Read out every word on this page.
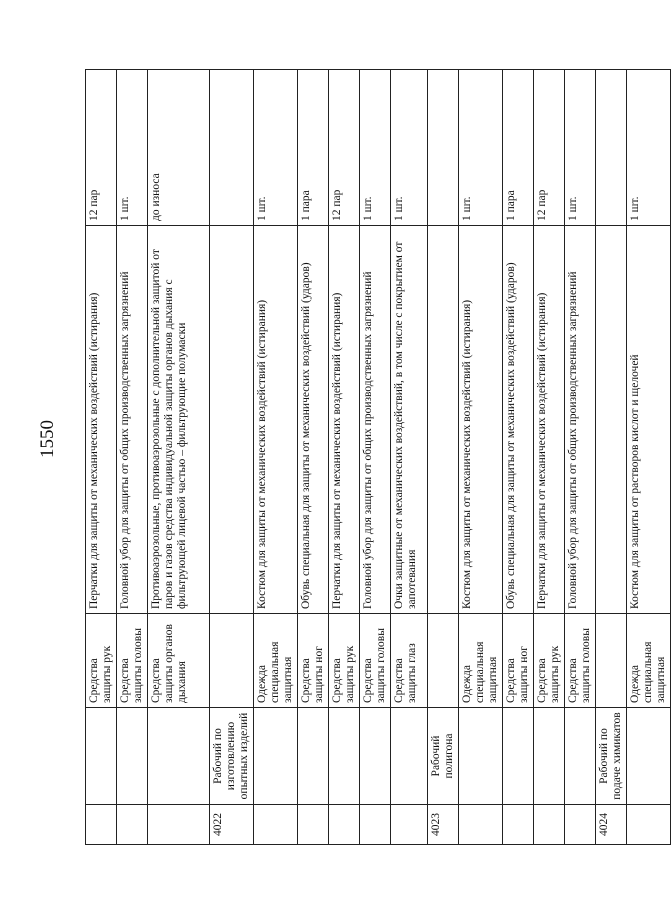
1550
		Средства защиты рук	Перчатки для защиты от механических воздействий (истирания)	12 пар
		Средства защиты головы	Головной убор для защиты от общих производственных загрязнений	1 шт.
		Средства защиты органов дыхания	Противоаэрозольные, противоаэрозольные с дополнительной защитой от паров и газов средства индивидуальной защиты органов дыхания с фильтрующей лицевой частью – фильтрующие полумаски	до износа
4022	Рабочий по изготовлению опытных изделий			
		Одежда специальная защитная	Костюм для защиты от механических воздействий (истирания)	1 шт.
		Средства защиты ног	Обувь специальная для защиты от механических воздействий (ударов)	1 пара
		Средства защиты рук	Перчатки для защиты от механических воздействий (истирания)	12 пар
		Средства защиты головы	Головной убор для защиты от общих производственных загрязнений	1 шт.
		Средства защиты глаз	Очки защитные от механических воздействий, в том числе с покрытием от запотевания	1 шт.
4023	Рабочий полигона			
		Одежда специальная защитная	Костюм для защиты от механических воздействий (истирания)	1 шт.
		Средства защиты ног	Обувь специальная для защиты от механических воздействий (ударов)	1 пара
		Средства защиты рук	Перчатки для защиты от механических воздействий (истирания)	12 пар
		Средства защиты головы	Головной убор для защиты от общих производственных загрязнений	1 шт.
4024	Рабочий по подаче химикатов			
		Одежда специальная защитная	Костюм для защиты от растворов кислот и щелочей	1 шт.
